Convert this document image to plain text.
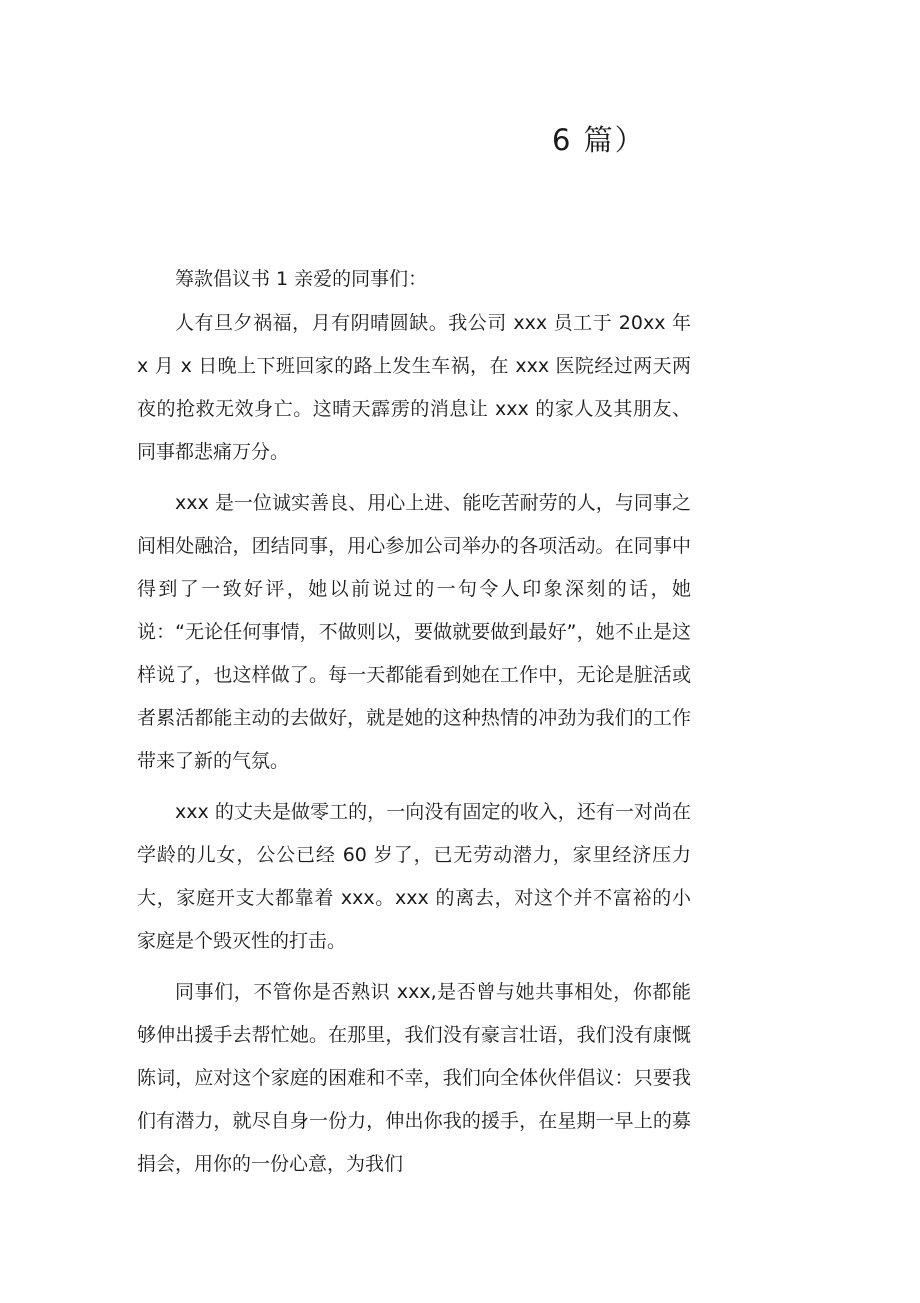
6 篇）

筹款倡议书 1 亲爱的同事们：

人有旦夕祸福，月有阴晴圆缺。我公司 xxx 员工于 20xx 年 x 月 x 日晚上下班回家的路上发生车祸，在 xxx 医院经过两天两夜的抢救无效身亡。这晴天霹雳的消息让 xxx 的家人及其朋友、同事都悲痛万分。

xxx 是一位诚实善良、用心上进、能吃苦耐劳的人，与同事之间相处融洽，团结同事，用心参加公司举办的各项活动。在同事中得到了一致好评，她以前说过的一句令人印象深刻的话，她说：“无论任何事情，不做则以，要做就要做到最好”，她不止是这样说了，也这样做了。每一天都能看到她在工作中，无论是脏活或者累活都能主动的去做好，就是她的这种热情的冲劲为我们的工作带来了新的气氛。

xxx 的丈夫是做零工的，一向没有固定的收入，还有一对尚在学龄的儿女，公公已经 60 岁了，已无劳动潜力，家里经济压力大，家庭开支大都靠着 xxx。xxx 的离去，对这个并不富裕的小家庭是个毁灭性的打击。

同事们，不管你是否熟识 xxx,是否曾与她共事相处，你都能够伸出援手去帮忙她。在那里，我们没有豪言壮语，我们没有康慨陈词，应对这个家庭的困难和不幸，我们向全体伙伴倡议：只要我们有潜力，就尽自身一份力，伸出你我的援手，在星期一早上的募捐会，用你的一份心意，为我们
